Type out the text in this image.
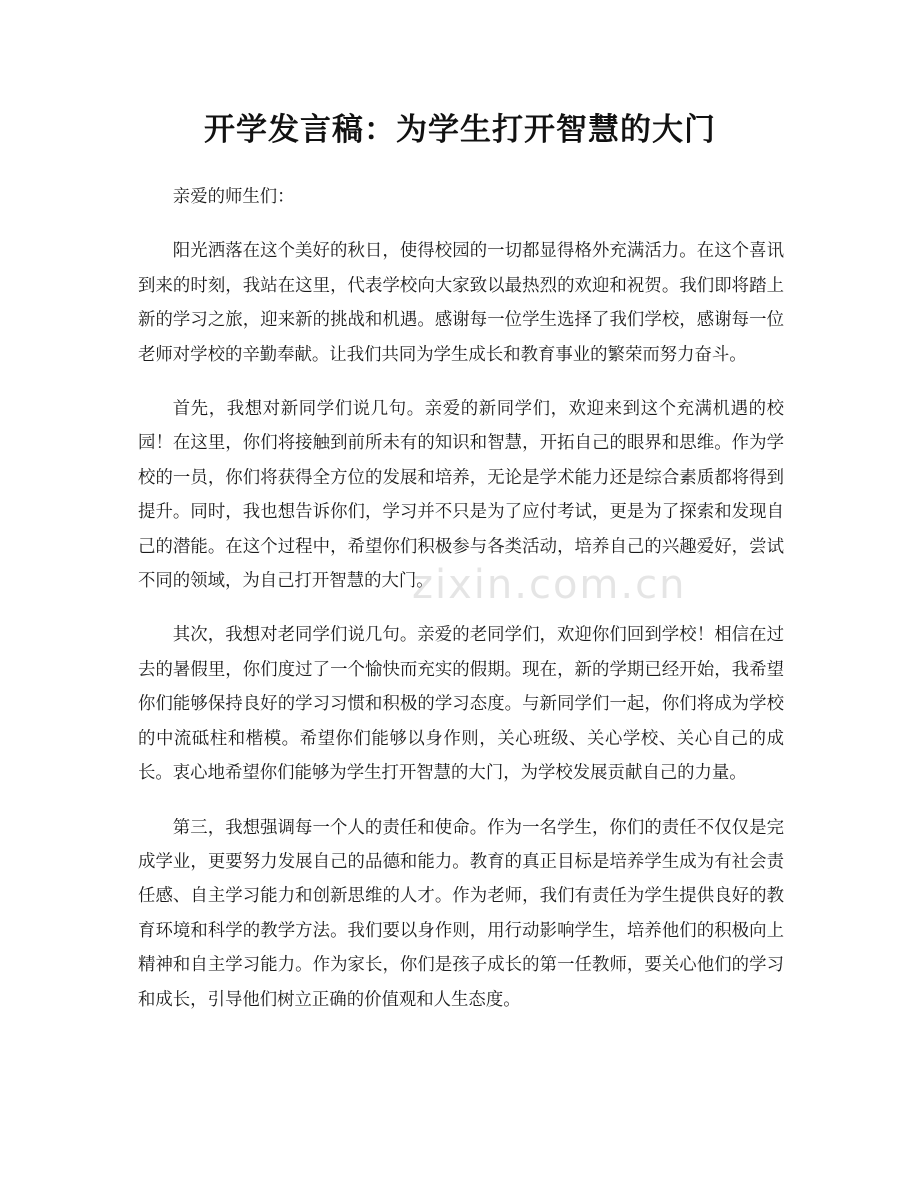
开学发言稿：为学生打开智慧的大门

亲爱的师生们：

阳光洒落在这个美好的秋日，使得校园的一切都显得格外充满活力。在这个喜讯到来的时刻，我站在这里，代表学校向大家致以最热烈的欢迎和祝贺。我们即将踏上新的学习之旅，迎来新的挑战和机遇。感谢每一位学生选择了我们学校，感谢每一位老师对学校的辛勤奉献。让我们共同为学生成长和教育事业的繁荣而努力奋斗。

首先，我想对新同学们说几句。亲爱的新同学们，欢迎来到这个充满机遇的校园！在这里，你们将接触到前所未有的知识和智慧，开拓自己的眼界和思维。作为学校的一员，你们将获得全方位的发展和培养，无论是学术能力还是综合素质都将得到提升。同时，我也想告诉你们，学习并不只是为了应付考试，更是为了探索和发现自己的潜能。在这个过程中，希望你们积极参与各类活动，培养自己的兴趣爱好，尝试不同的领域，为自己打开智慧的大门。

其次，我想对老同学们说几句。亲爱的老同学们，欢迎你们回到学校！相信在过去的暑假里，你们度过了一个愉快而充实的假期。现在，新的学期已经开始，我希望你们能够保持良好的学习习惯和积极的学习态度。与新同学们一起，你们将成为学校的中流砥柱和楷模。希望你们能够以身作则，关心班级、关心学校、关心自己的成长。衷心地希望你们能够为学生打开智慧的大门，为学校发展贡献自己的力量。

第三，我想强调每一个人的责任和使命。作为一名学生，你们的责任不仅仅是完成学业，更要努力发展自己的品德和能力。教育的真正目标是培养学生成为有社会责任感、自主学习能力和创新思维的人才。作为老师，我们有责任为学生提供良好的教育环境和科学的教学方法。我们要以身作则，用行动影响学生，培养他们的积极向上精神和自主学习能力。作为家长，你们是孩子成长的第一任教师，要关心他们的学习和成长，引导他们树立正确的价值观和人生态度。

zixin.com.cn
